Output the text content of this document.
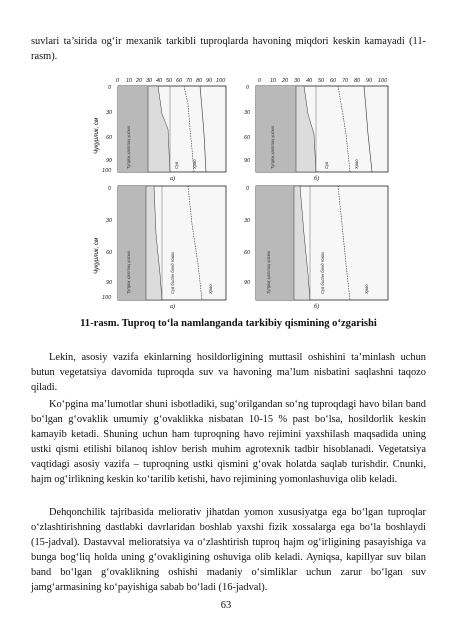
suvlari ta’sirida og‘ir mexanik tarkibli tuproqlarda havoning miqdori keskin kamayadi (11-rasm).

0 10 20 30 40 50 60 70 80 90 100	0 10 20 30 40 50 60 70 80 90 100
Тупроқ қаттиқ қисми	Сув	Ҳаво
0
30
60
90
100
Чуқурлик, см
а)
Тупроқ қаттиқ қисми	Сув	Ҳаво
0
30
60
90
б)
Тупроқ қаттиқ қисми	Сув билан банд ғовак	Ҳаво
0
30
60
90
100
Чуқурлик, см
а)
Тупроқ қаттиқ қисми	Сув билан банд ғовак	Ҳаво
0
30
60
90
б)
11-rasm. Tuproq to‘la namlanganda tarkibiy qismining o‘zgarishi

Lekin, asosiy vazifa ekinlarning hosildorligining muttasil oshishini ta’minlash uchun butun vegetatsiya davomida tuproqda suv va havoning ma’lum nisbatini saqlashni taqozo qiladi.

Ko‘pgina ma’lumotlar shuni isbotladiki, sug‘orilgandan so‘ng tuproqdagi havo bilan band bo‘lgan g‘ovaklik umumiy g‘ovaklikka nisbatan 10-15 % past bo‘lsa, hosildorlik keskin kamayib ketadi. Shuning uchun ham tuproqning havo rejimini yaxshilash maqsadida uning ustki qismi etilishi bilanoq ishlov berish muhim agrotexnik tadbir hisoblanadi. Vegetatsiya vaqtidagi asosiy vazifa – tuproqning ustki qismini g‘ovak holatda saqlab turishdir. Cnunki, hajm og‘irlikning keskin ko‘tarilib ketishi, havo rejimining yomonlashuviga olib keladi.

Dehqonchilik tajribasida meliorativ jihatdan yomon xususiyatga ega bo‘lgan tuproqlar o‘zlashtirishning dastlabki davrlaridan boshlab yaxshi fizik xossalarga ega bo‘la boshlaydi (15-jadval). Dastavval melioratsiya va o‘zlashtirish tuproq hajm og‘irligining pasayishiga va bunga bog‘liq holda uning g‘ovakligining oshuviga olib keladi. Ayniqsa, kapillyar suv bilan band bo‘lgan g‘ovaklikning oshishi madaniy o‘simliklar uchun zarur bo‘lgan suv jamg‘armasining ko‘payishiga sabab bo‘ladi (16-jadval).

63
